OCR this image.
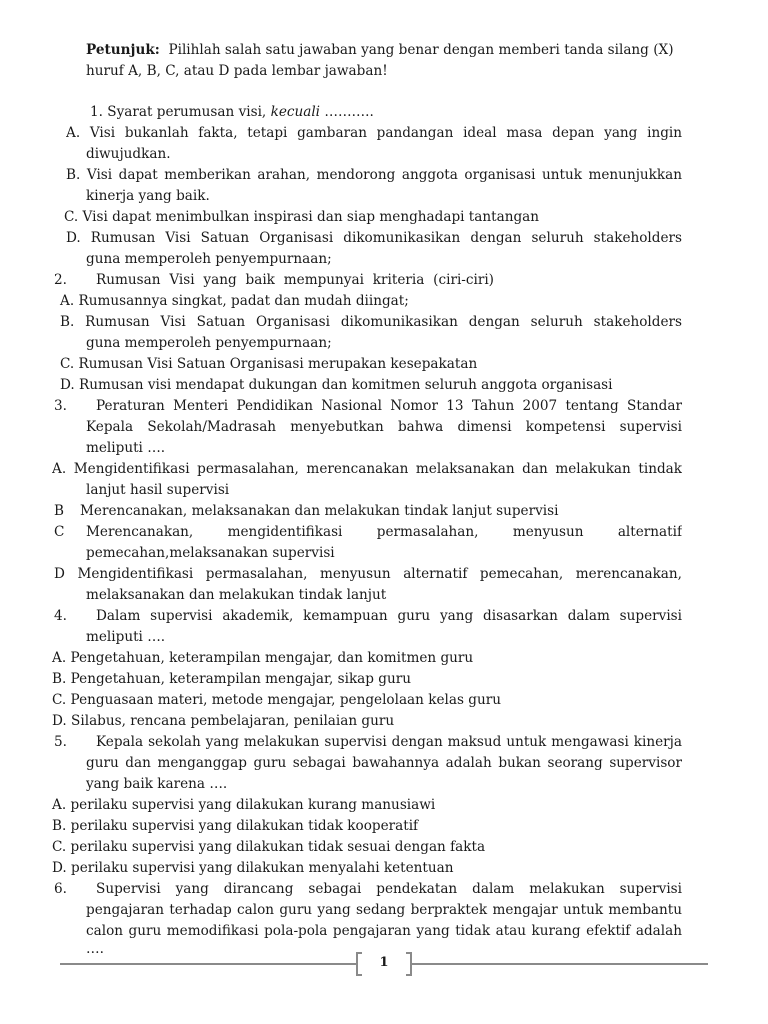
Petunjuk: Pilihlah salah satu jawaban yang benar dengan memberi tanda silang (X)
huruf A, B, C, atau D pada lembar jawaban!
1. Syarat perumusan visi, kecuali ………..
A. Visi bukanlah fakta, tetapi gambaran pandangan ideal masa depan yang ingin
diwujudkan.
B. Visi dapat memberikan arahan, mendorong anggota organisasi untuk menunjukkan
kinerja yang baik.
C. Visi dapat menimbulkan inspirasi dan siap menghadapi tantangan
D. Rumusan Visi Satuan Organisasi dikomunikasikan dengan seluruh stakeholders
guna memperoleh penyempurnaan;
2. Rumusan Visi yang baik mempunyai kriteria (ciri-ciri)
A. Rumusannya singkat, padat dan mudah diingat;
B. Rumusan Visi Satuan Organisasi dikomunikasikan dengan seluruh stakeholders
guna memperoleh penyempurnaan;
C. Rumusan Visi Satuan Organisasi merupakan kesepakatan
D. Rumusan visi mendapat dukungan dan komitmen seluruh anggota organisasi
3. Peraturan Menteri Pendidikan Nasional Nomor 13 Tahun 2007 tentang Standar
Kepala Sekolah/Madrasah menyebutkan bahwa dimensi kompetensi supervisi
meliputi ….
A. Mengidentifikasi permasalahan, merencanakan melaksanakan dan melakukan tindak
lanjut hasil supervisi
B Merencanakan, melaksanakan dan melakukan tindak lanjut supervisi
C Merencanakan, mengidentifikasi permasalahan, menyusun alternatif
pemecahan,melaksanakan supervisi
D Mengidentifikasi permasalahan, menyusun alternatif pemecahan, merencanakan,
melaksanakan dan melakukan tindak lanjut
4. Dalam supervisi akademik, kemampuan guru yang disasarkan dalam supervisi
meliputi ….
A. Pengetahuan, keterampilan mengajar, dan komitmen guru
B. Pengetahuan, keterampilan mengajar, sikap guru
C. Penguasaan materi, metode mengajar, pengelolaan kelas guru
D. Silabus, rencana pembelajaran, penilaian guru
5. Kepala sekolah yang melakukan supervisi dengan maksud untuk mengawasi kinerja
guru dan menganggap guru sebagai bawahannya adalah bukan seorang supervisor
yang baik karena ….
A. perilaku supervisi yang dilakukan kurang manusiawi
B. perilaku supervisi yang dilakukan tidak kooperatif
C. perilaku supervisi yang dilakukan tidak sesuai dengan fakta
D. perilaku supervisi yang dilakukan menyalahi ketentuan
6. Supervisi yang dirancang sebagai pendekatan dalam melakukan supervisi
pengajaran terhadap calon guru yang sedang berpraktek mengajar untuk membantu
calon guru memodifikasi pola-pola pengajaran yang tidak atau kurang efektif adalah
….
1
